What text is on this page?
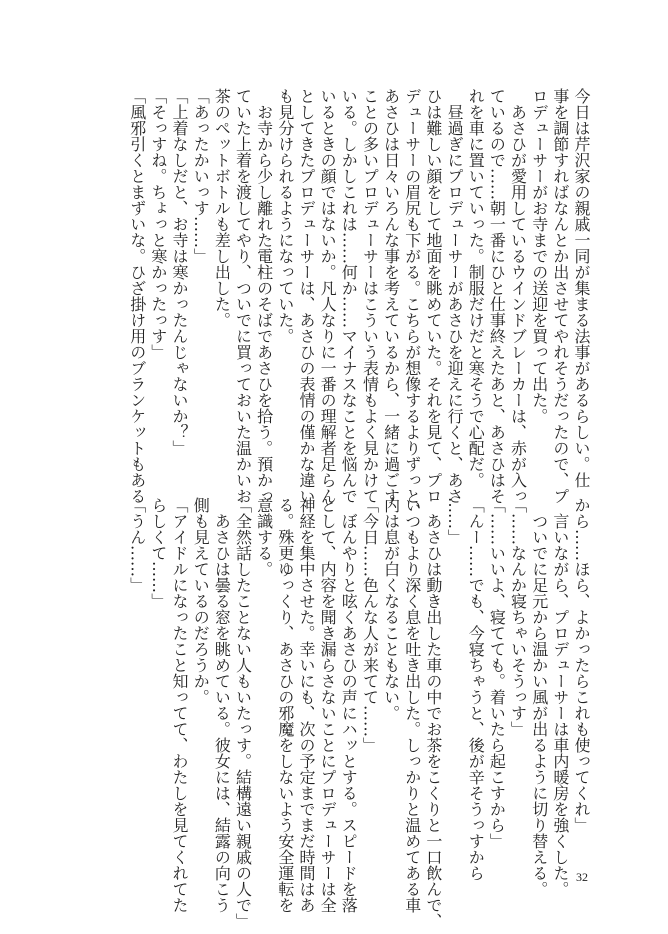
今日は芹沢家の親戚一同が集まる法事があるらしい。仕
事を調節すればなんとか出させてやれそうだったので、プ
ロデューサーがお寺までの送迎を買って出た。
　あさひが愛用しているウインドブレーカーは、赤が入っ
ているので……朝一番にひと仕事終えたあと、あさひはそ
れを車に置いていった。制服だけだと寒そうで心配だ。
　昼過ぎにプロデューサーがあさひを迎えに行くと、あさ
ひは難しい顔をして地面を眺めていた。それを見て、プロ
デューサーの眉尻も下がる。こちらが想像するよりずっと、
あさひは日々いろんな事を考えているから、一緒に過ごす
ことの多いプロデューサーはこういう表情もよく見かけて
いる。しかしこれは……何か……マイナスなことを悩んで
いるときの顔ではないか。凡人なりに一番の理解者足らん
としてきたプロデューサーは、あさひの表情の僅かな違い
も見分けられるようになっていた。
　お寺から少し離れた電柱のそばであさひを拾う。預かっ
ていた上着を渡してやり、ついでに買っておいた温かいお
茶のペットボトルも差し出した。
「あったかいっす……」
「上着なしだと、お寺は寒かったんじゃないか？」
「そっすね。ちょっと寒かったっす」
「風邪引くとまずいな。ひざ掛け用のブランケットもある
から……ほら、よかったらこれも使ってくれ」
　言いながら、プロデューサーは車内暖房を強くした。
　ついでに足元から温かい風が出るように切り替える。
「……なんか寝ちゃいそうっす」
「……いいよ、寝てても。着いたら起こすから」
「んー……でも、今寝ちゃうと、後が辛そうっすから
……」
　あさひは動き出した車の中でお茶をこくりと一口飲んで、
いつもより深く息を吐き出した。しっかりと温めてある車
内は息が白くなることもない。
「今日……色んな人が来てて……」
　ぼんやりと呟くあさひの声にハッとする。スピードを落
として、内容を聞き漏らさないことにプロデューサーは全
神経を集中させた。幸いにも、次の予定までまだ時間はあ
る。殊更ゆっくり、あさひの邪魔をしないよう安全運転を
意識する。
「全然話したことない人もいたっす。結構遠い親戚の人で」
　あさひは曇る窓を眺めている。彼女には、結露の向こう
側も見えているのだろうか。
「アイドルになったこと知ってて、わたしを見てくれてた
らしくて……」
「うん……」
32
